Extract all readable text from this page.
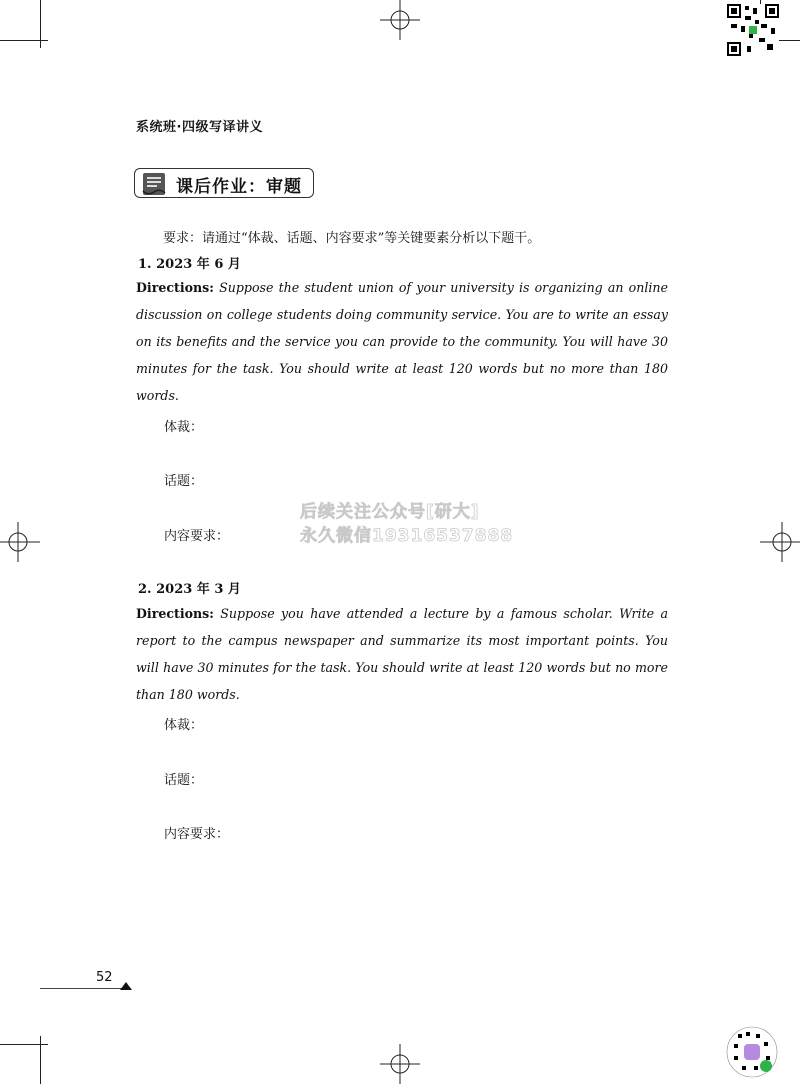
系统班·四级写译讲义
课后作业：审题
要求：请通过“体裁、话题、内容要求”等关键要素分析以下题干。
1. 2023 年 6 月
Directions: Suppose the student union of your university is organizing an online discussion on college students doing community service. You are to write an essay on its benefits and the service you can provide to the community. You will have 30 minutes for the task. You should write at least 120 words but no more than 180 words.
体裁：
话题：
内容要求：
后续关注公众号[研大]
永久微信19316537888
2. 2023 年 3 月
Directions: Suppose you have attended a lecture by a famous scholar. Write a report to the campus newspaper and summarize its most important points. You will have 30 minutes for the task. You should write at least 120 words but no more than 180 words.
体裁：
话题：
内容要求：
52
